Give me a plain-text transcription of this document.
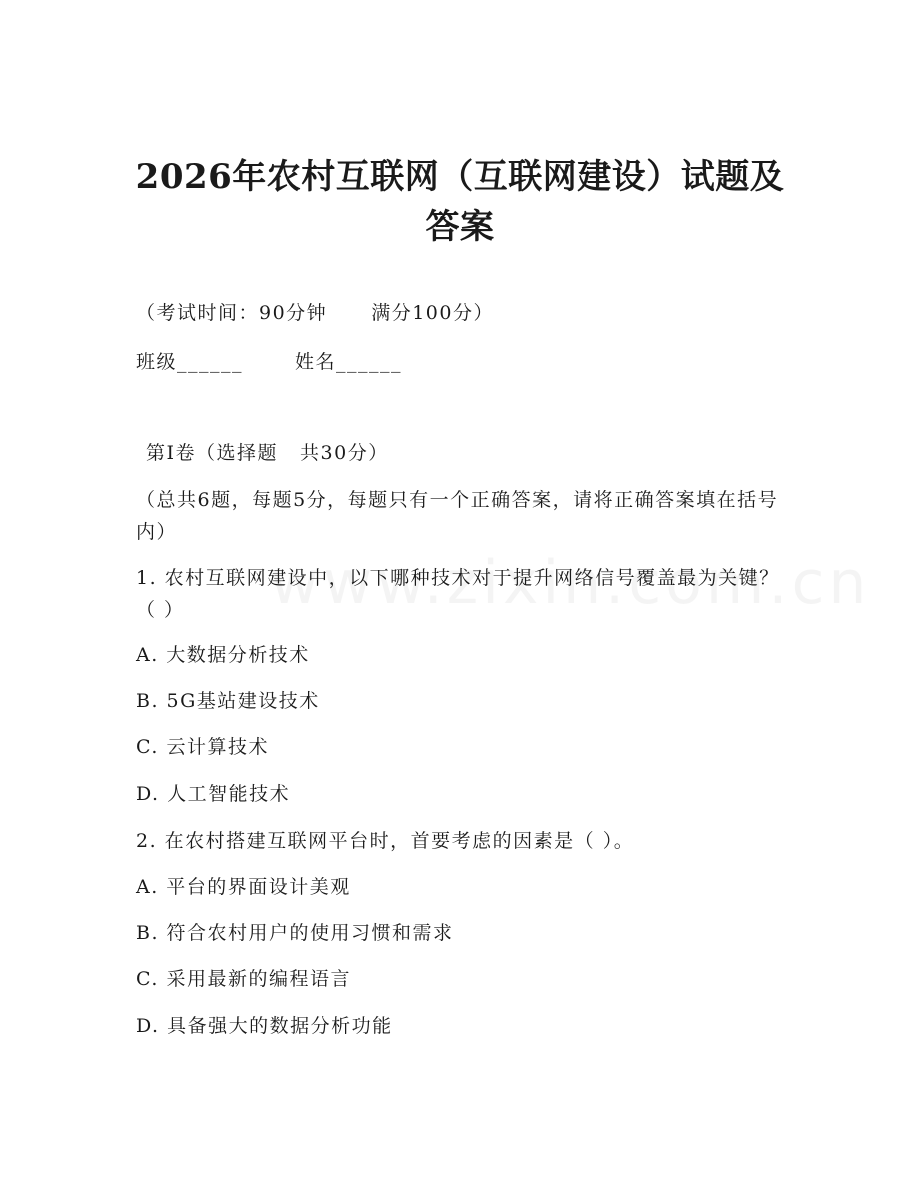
2026年农村互联网（互联网建设）试题及答案
（考试时间：90分钟 满分100分）
班级______	姓名______
第Ⅰ卷（选择题 共30分）
（总共6题，每题5分，每题只有一个正确答案，请将正确答案填在括号内）
1. 农村互联网建设中，以下哪种技术对于提升网络信号覆盖最为关键？（ ）
A. 大数据分析技术
B. 5G基站建设技术
C. 云计算技术
D. 人工智能技术
2. 在农村搭建互联网平台时，首要考虑的因素是（ ）。
A. 平台的界面设计美观
B. 符合农村用户的使用习惯和需求
C. 采用最新的编程语言
D. 具备强大的数据分析功能
